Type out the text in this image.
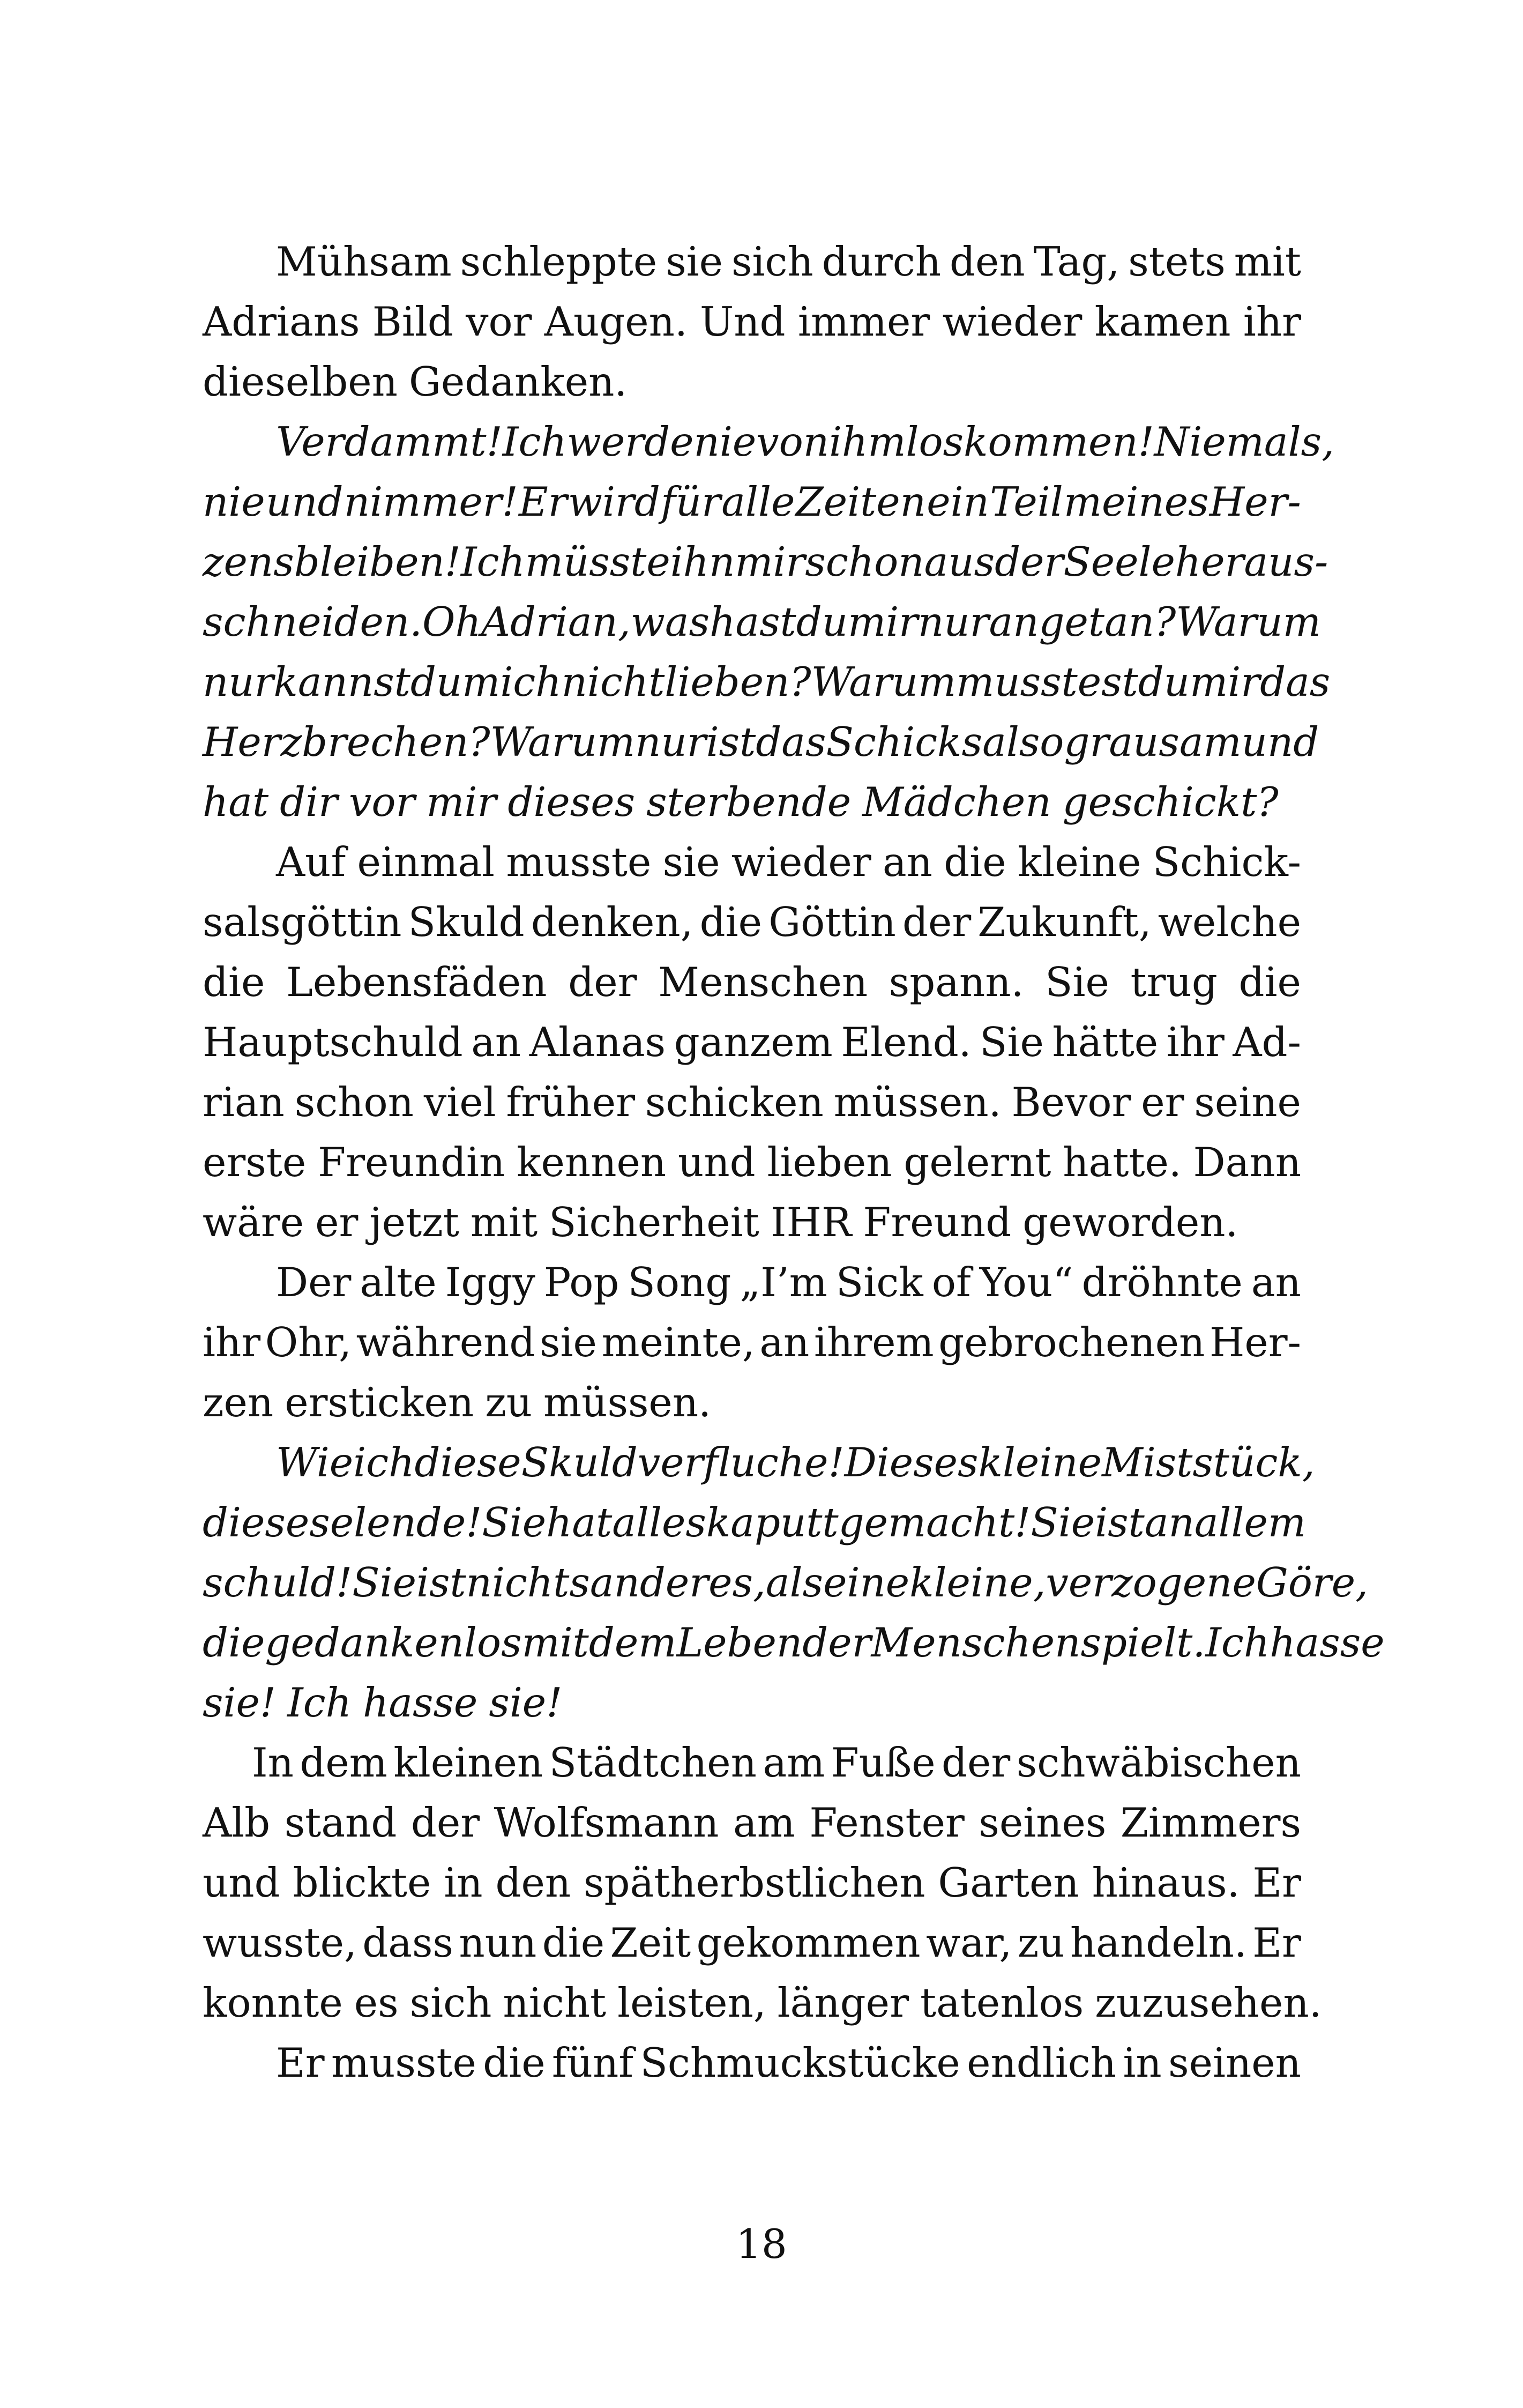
Mühsam schleppte sie sich durch den Tag, stets mit
Adrians Bild vor Augen. Und immer wieder kamen ihr
dieselben Gedanken.
Verdammt! Ich werde nie von ihm loskommen! Niemals,
nie und nimmer! Er wird für alle Zeiten ein Teil meines Her-
zens bleiben! Ich müsste ihn mir schon aus der Seele heraus-
schneiden. Oh Adrian, was hast du mir nur angetan? Warum
nur kannst du mich nicht lieben? Warum musstest du mir das
Herz brechen? Warum nur ist das Schicksal so grausam und
hat dir vor mir dieses sterbende Mädchen geschickt?
Auf einmal musste sie wieder an die kleine Schick-
salsgöttin Skuld denken, die Göttin der Zukunft, welche
die Lebensfäden der Menschen spann. Sie trug die
Hauptschuld an Alanas ganzem Elend. Sie hätte ihr Ad-
rian schon viel früher schicken müssen. Bevor er seine
erste Freundin kennen und lieben gelernt hatte. Dann
wäre er jetzt mit Sicherheit IHR Freund geworden.
Der alte Iggy Pop Song „I’m Sick of You“ dröhnte an
ihr Ohr, während sie meinte, an ihrem gebrochenen Her-
zen ersticken zu müssen.
Wie ich diese Skuld verfluche! Dieses kleine Miststück,
dieses elende! Sie hat alles kaputtgemacht! Sie ist an allem
schuld! Sie ist nichts anderes, als eine kleine, verzogene Göre,
die gedankenlos mit dem Leben der Menschen spielt. Ich hasse
sie! Ich hasse sie!
In dem kleinen Städtchen am Fuße der schwäbischen
Alb stand der Wolfsmann am Fenster seines Zimmers
und blickte in den spätherbstlichen Garten hinaus. Er
wusste, dass nun die Zeit gekommen war, zu handeln. Er
konnte es sich nicht leisten, länger tatenlos zuzusehen.
Er musste die fünf Schmuckstücke endlich in seinen
18
